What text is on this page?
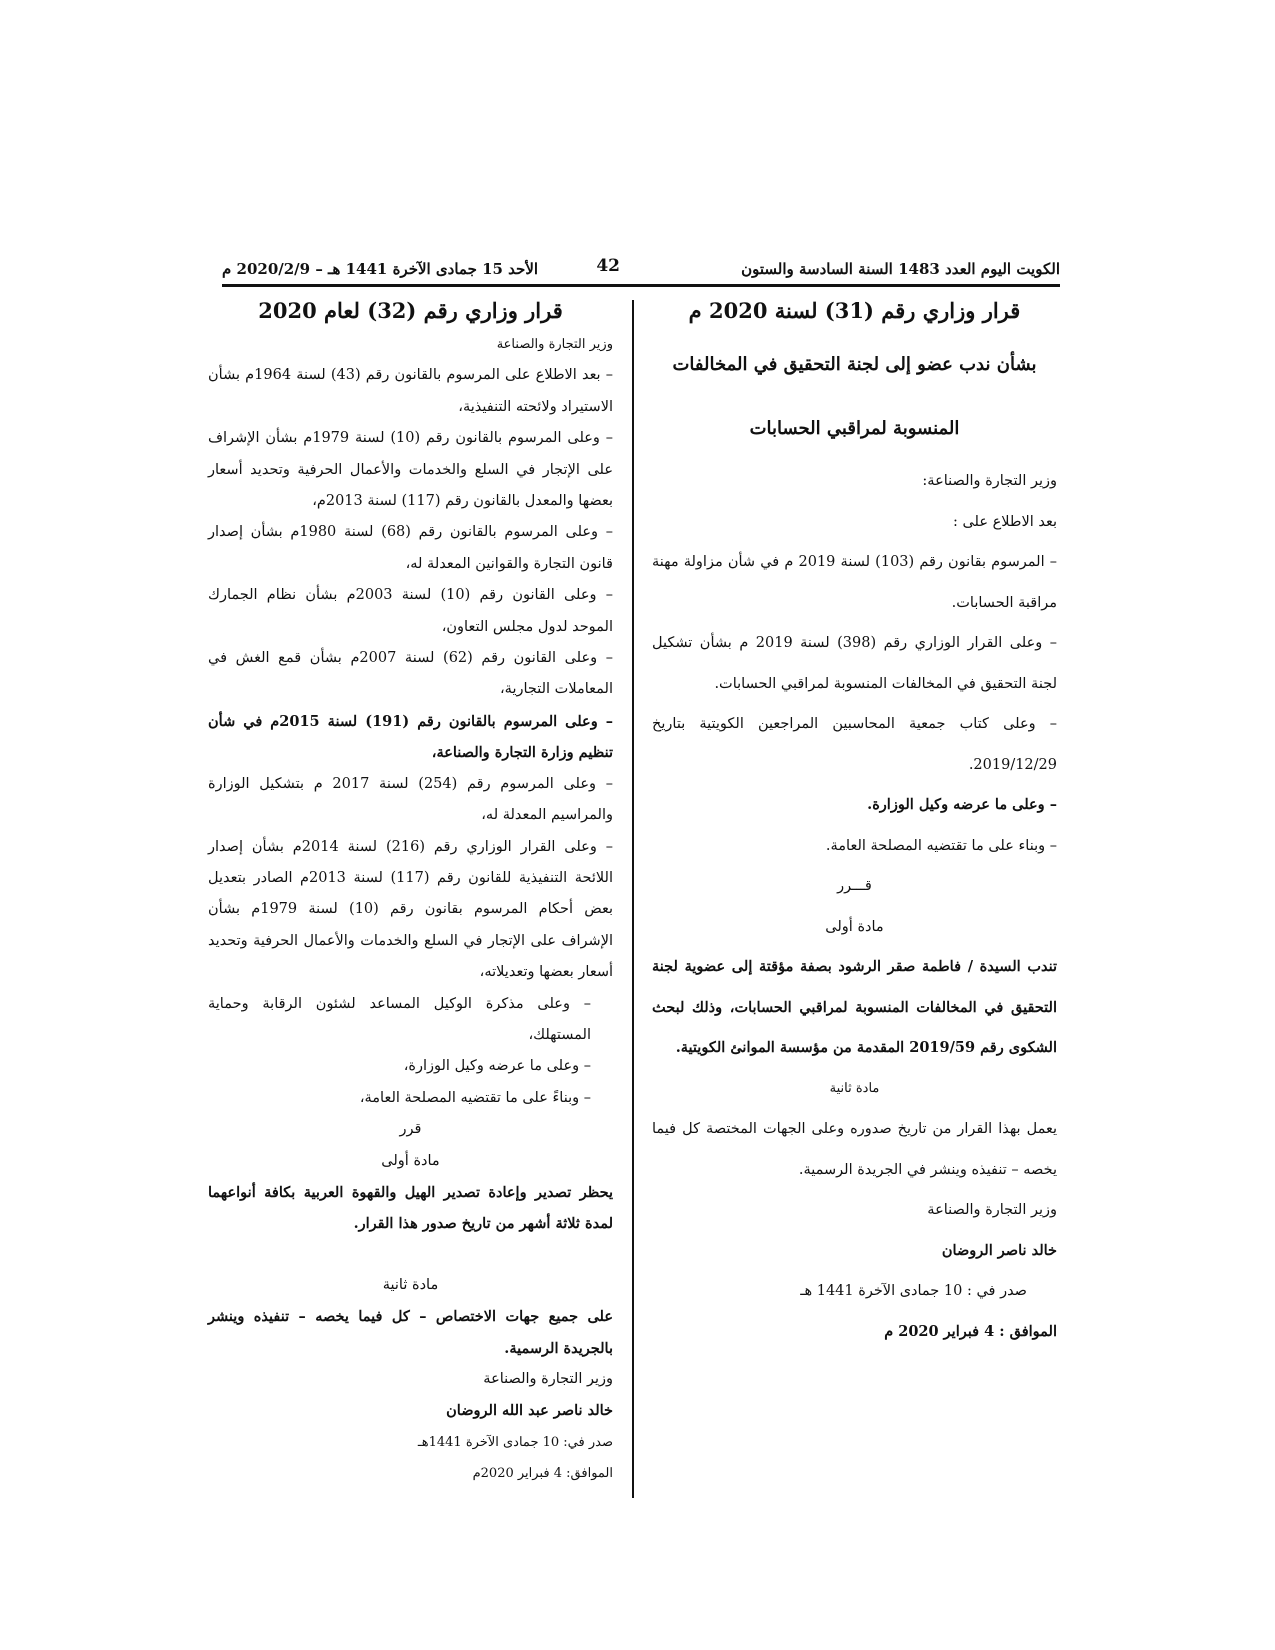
الكويت اليوم العدد 1483 السنة السادسة والستون
42
الأحد 15 جمادى الآخرة 1441 هـ – 2020/2/9 م
قرار وزاري رقم (31) لسنة 2020 م
بشأن ندب عضو إلى لجنة التحقيق في المخالفات
المنسوبة لمراقبي الحسابات
وزير التجارة والصناعة:
بعد الاطلاع على :
– المرسوم بقانون رقم (103) لسنة 2019 م في شأن مزاولة مهنة مراقبة الحسابات.
– وعلى القرار الوزاري رقم (398) لسنة 2019 م بشأن تشكيل لجنة التحقيق في المخالفات المنسوبة لمراقبي الحسابات.
– وعلى كتاب جمعية المحاسبين المراجعين الكويتية بتاريخ 2019/12/29.
– وعلى ما عرضه وكيل الوزارة.
– وبناء على ما تقتضيه المصلحة العامة.
قـــرر
مادة أولى
تندب السيدة / فاطمة صقر الرشود بصفة مؤقتة إلى عضوية لجنة التحقيق في المخالفات المنسوبة لمراقبي الحسابات، وذلك لبحث الشكوى رقم 2019/59 المقدمة من مؤسسة الموانئ الكويتية.
مادة ثانية
يعمل بهذا القرار من تاريخ صدوره وعلى الجهات المختصة كل فيما يخصه – تنفيذه وينشر في الجريدة الرسمية.
وزير التجارة والصناعة
خالد ناصر الروضان
صدر في : 10 جمادى الآخرة 1441 هـ
الموافق : 4 فبراير 2020 م
قرار وزاري رقم (32) لعام 2020
وزير التجارة والصناعة
– بعد الاطلاع على المرسوم بالقانون رقم (43) لسنة 1964م بشأن الاستيراد ولائحته التنفيذية،
– وعلى المرسوم بالقانون رقم (10) لسنة 1979م بشأن الإشراف على الإتجار في السلع والخدمات والأعمال الحرفية وتحديد أسعار بعضها والمعدل بالقانون رقم (117) لسنة 2013م،
– وعلى المرسوم بالقانون رقم (68) لسنة 1980م بشأن إصدار قانون التجارة والقوانين المعدلة له،
– وعلى القانون رقم (10) لسنة 2003م بشأن نظام الجمارك الموحد لدول مجلس التعاون،
– وعلى القانون رقم (62) لسنة 2007م بشأن قمع الغش في المعاملات التجارية،
– وعلى المرسوم بالقانون رقم (191) لسنة 2015م في شأن تنظيم وزارة التجارة والصناعة،
– وعلى المرسوم رقم (254) لسنة 2017 م بتشكيل الوزارة والمراسيم المعدلة له،
– وعلى القرار الوزاري رقم (216) لسنة 2014م بشأن إصدار اللائحة التنفيذية للقانون رقم (117) لسنة 2013م الصادر بتعديل بعض أحكام المرسوم بقانون رقم (10) لسنة 1979م بشأن الإشراف على الإتجار في السلع والخدمات والأعمال الحرفية وتحديد أسعار بعضها وتعديلاته،
– وعلى مذكرة الوكيل المساعد لشئون الرقابة وحماية المستهلك،
– وعلى ما عرضه وكيل الوزارة،
– وبناءً على ما تقتضيه المصلحة العامة،
قرر
مادة أولى
يحظر تصدير وإعادة تصدير الهيل والقهوة العربية بكافة أنواعهما لمدة ثلاثة أشهر من تاريخ صدور هذا القرار.
مادة ثانية
على جميع جهات الاختصاص – كل فيما يخصه – تنفيذه وينشر بالجريدة الرسمية.
وزير التجارة والصناعة
خالد ناصر عبد الله الروضان
صدر في: 10 جمادى الآخرة 1441هـ
الموافق: 4 فبراير 2020م
